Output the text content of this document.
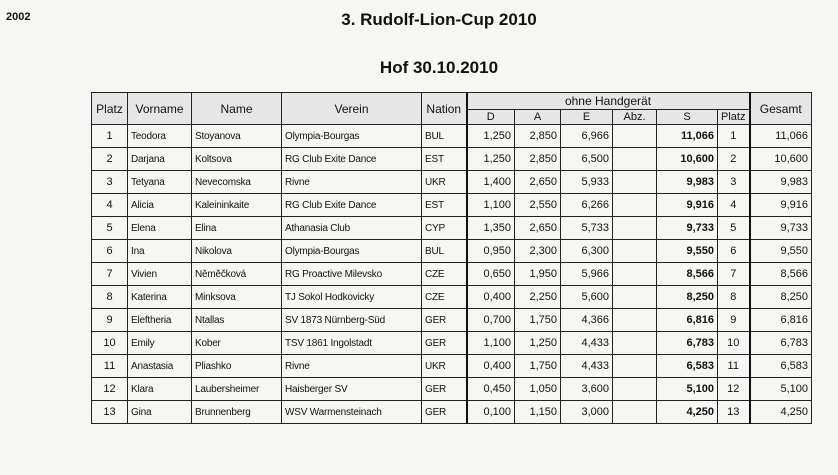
2002	3. Rudolf-Lion-Cup 2010
Hof 30.10.2010
Platz	Vorname	Name	Verein	Nation	ohne Handgerät						Gesamt
					D	A	E	Abz.	S	Platz	
1	Teodora	Stoyanova	Olympia-Bourgas	BUL	1,250	2,850	6,966		11,066	1	11,066
2	Darjana	Koltsova	RG Club Exite Dance	EST	1,250	2,850	6,500		10,600	2	10,600
3	Tetyana	Nevecomska	Rivne	UKR	1,400	2,650	5,933		9,983	3	9,983
4	Alicia	Kaleininkaite	RG Club Exite Dance	EST	1,100	2,550	6,266		9,916	4	9,916
5	Elena	Elina	Athanasia Club	CYP	1,350	2,650	5,733		9,733	5	9,733
6	Ina	Nikolova	Olympia-Bourgas	BUL	0,950	2,300	6,300		9,550	6	9,550
7	Vivien	Něměčková	RG Proactive Milevsko	CZE	0,650	1,950	5,966		8,566	7	8,566
8	Katerina	Minksova	TJ Sokol Hodkovicky	CZE	0,400	2,250	5,600		8,250	8	8,250
9	Eleftheria	Ntallas	SV 1873 Nürnberg-Süd	GER	0,700	1,750	4,366		6,816	9	6,816
10	Emily	Kober	TSV 1861 Ingolstadt	GER	1,100	1,250	4,433		6,783	10	6,783
11	Anastasia	Pliashko	Rivne	UKR	0,400	1,750	4,433		6,583	11	6,583
12	Klara	Laubersheimer	Haisberger SV	GER	0,450	1,050	3,600		5,100	12	5,100
13	Gina	Brunnenberg	WSV Warmensteinach	GER	0,100	1,150	3,000		4,250	13	4,250
